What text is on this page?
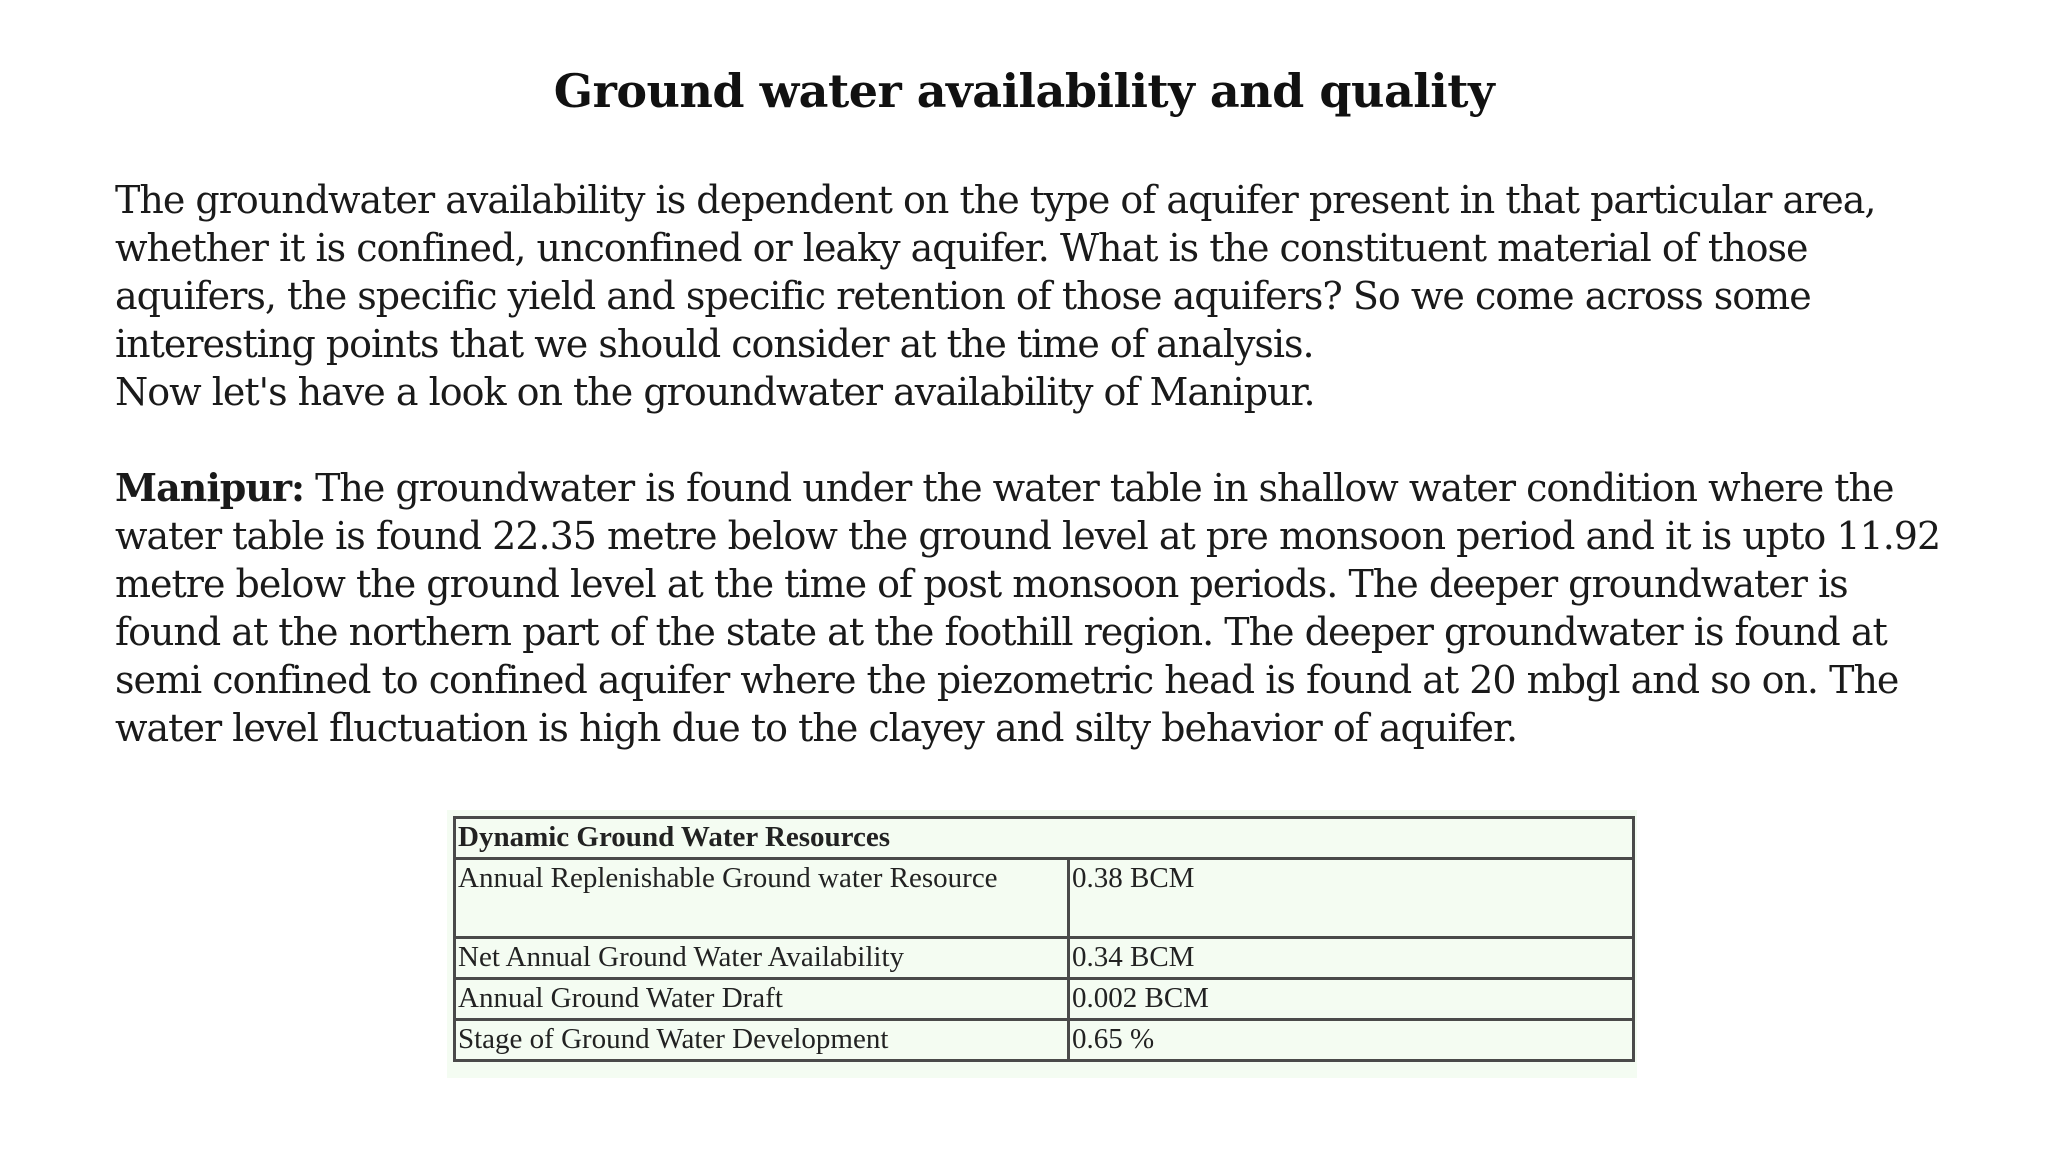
Ground water availability and quality

The groundwater availability is dependent on the type of aquifer present in that particular area, whether it is confined, unconfined or leaky aquifer. What is the constituent material of those aquifers, the specific yield and specific retention of those aquifers? So we come across some interesting points that we should consider at the time of analysis.

Now let's have a look on the groundwater availability of Manipur.

Manipur: The groundwater is found under the water table in shallow water condition where the water table is found 22.35 metre below the ground level at pre monsoon period and it is upto 11.92 metre below the ground level at the time of post monsoon periods. The deeper groundwater is found at the northern part of the state at the foothill region. The deeper groundwater is found at semi confined to confined aquifer where the piezometric head is found at 20 mbgl and so on. The water level fluctuation is high due to the clayey and silty behavior of aquifer.

Dynamic Ground Water Resources	
Annual Replenishable Ground water Resource	0.38 BCM
Net Annual Ground Water Availability	0.34 BCM
Annual Ground Water Draft	0.002 BCM
Stage of Ground Water Development	0.65 %
